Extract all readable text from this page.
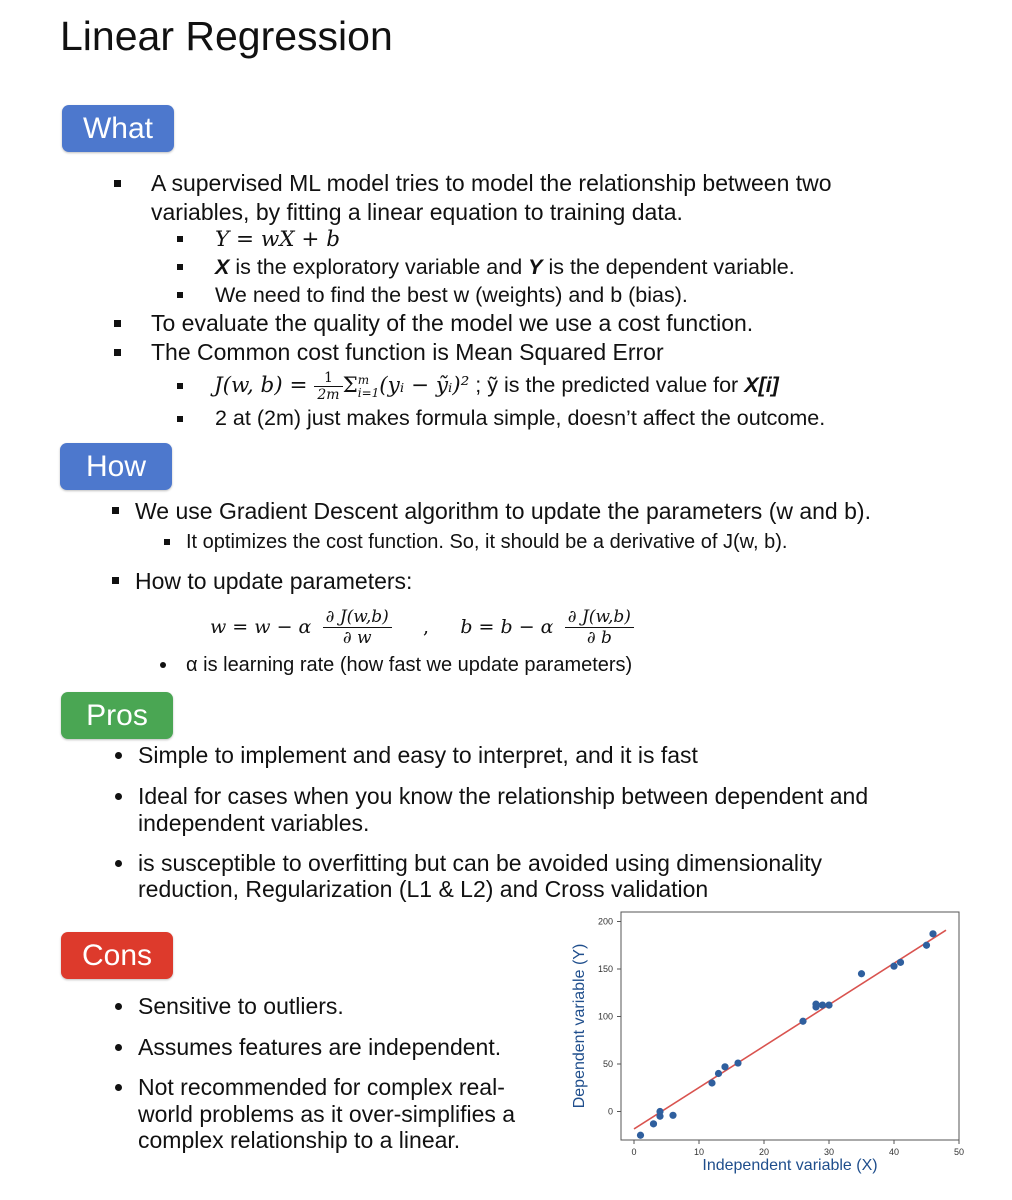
Linear Regression
What
A supervised ML model tries to model the relationship between two
variables, by fitting a linear equation to training data.
Y = wX + b
X is the exploratory variable and Y is the dependent variable.
We need to find the best w (weights) and b (bias).
To evaluate the quality of the model we use a cost function.
The Common cost function is Mean Squared Error
J(w, $b) = \frac{1}{2m}$ Σ m
i=1 (yᵢ − ỹᵢ)² ; ỹ is the predicted value for X[i]
2 at (2m) just makes formula simple, doesn’t affect the outcome.
How
We use Gradient Descent algorithm to update the parameters (w and b).
It optimizes the cost function. So, it should be a derivative of J(w, b).
How to update parameters:
w = w − α $\frac{\partial J(w,b)}{\partial w}$ , b = b − α $\frac{\partial J(w,b)}{\partial b}$
α is learning rate (how fast we update parameters)
Pros
Simple to implement and easy to interpret, and it is fast
Ideal for cases when you know the relationship between dependent and
independent variables.
is susceptible to overfitting but can be avoided using dimensionality
reduction, Regularization (L1 & L2) and Cross validation
Cons
Sensitive to outliers.
Assumes features are independent.
Not recommended for complex real-
world problems as it over-simplifies a
complex relationship to a linear.
0
50
100
150
200
0	10	20	30	40	50
Independent variable (X)
Dependent variable (Y)
